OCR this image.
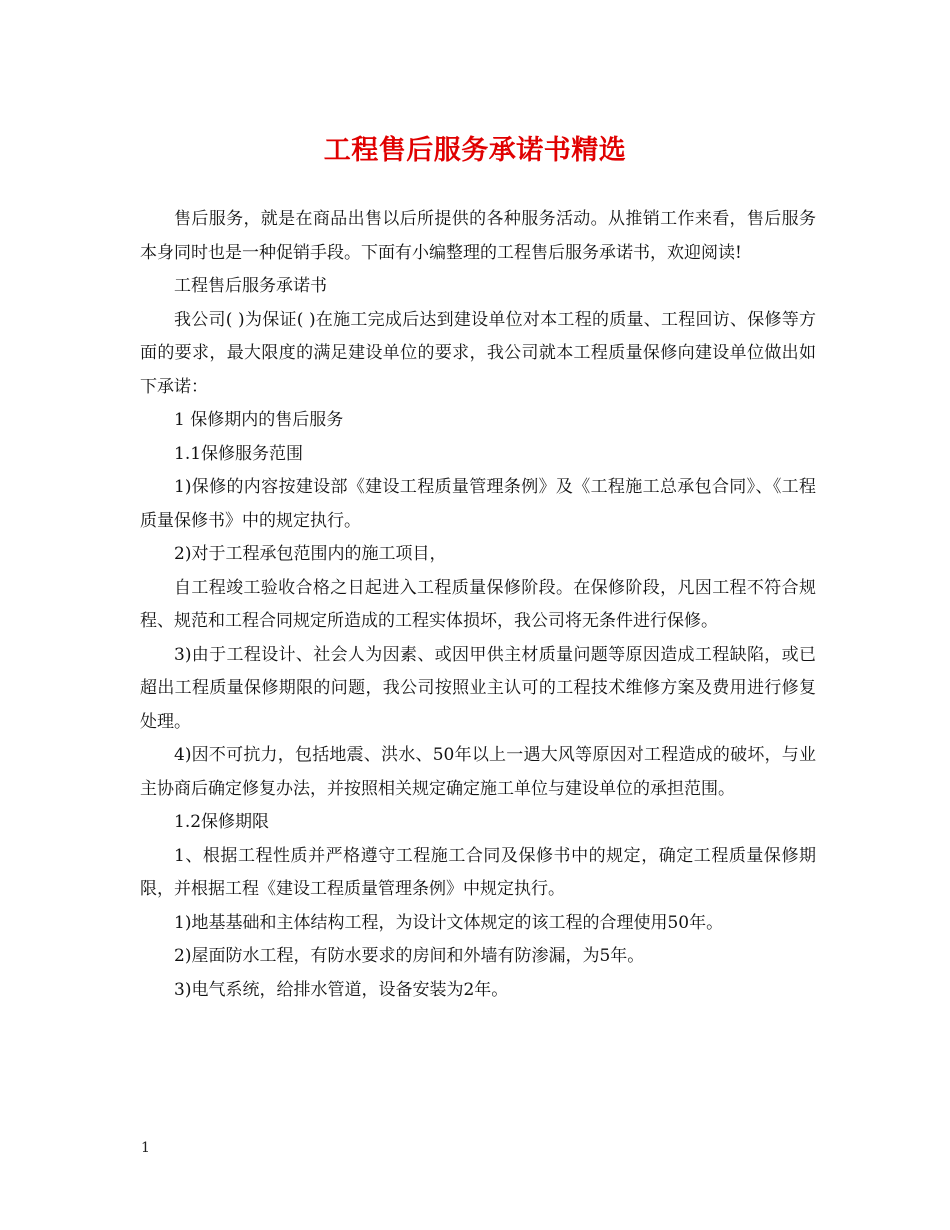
工程售后服务承诺书精选

售后服务，就是在商品出售以后所提供的各种服务活动。从推销工作来看，售后服务本身同时也是一种促销手段。下面有小编整理的工程售后服务承诺书，欢迎阅读!

工程售后服务承诺书

我公司( )为保证( )在施工完成后达到建设单位对本工程的质量、工程回访、保修等方面的要求，最大限度的满足建设单位的要求，我公司就本工程质量保修向建设单位做出如下承诺：

1 保修期内的售后服务

1.1保修服务范围

1)保修的内容按建设部《建设工程质量管理条例》及《工程施工总承包合同》、《工程质量保修书》中的规定执行。

2)对于工程承包范围内的施工项目，

自工程竣工验收合格之日起进入工程质量保修阶段。在保修阶段，凡因工程不符合规程、规范和工程合同规定所造成的工程实体损坏，我公司将无条件进行保修。

3)由于工程设计、社会人为因素、或因甲供主材质量问题等原因造成工程缺陷，或已超出工程质量保修期限的问题，我公司按照业主认可的工程技术维修方案及费用进行修复处理。

4)因不可抗力，包括地震、洪水、50年以上一遇大风等原因对工程造成的破坏，与业主协商后确定修复办法，并按照相关规定确定施工单位与建设单位的承担范围。

1.2保修期限

1、根据工程性质并严格遵守工程施工合同及保修书中的规定，确定工程质量保修期限，并根据工程《建设工程质量管理条例》中规定执行。

1)地基基础和主体结构工程，为设计文体规定的该工程的合理使用50年。

2)屋面防水工程，有防水要求的房间和外墙有防渗漏，为5年。

3)电气系统，给排水管道，设备安装为2年。

1
